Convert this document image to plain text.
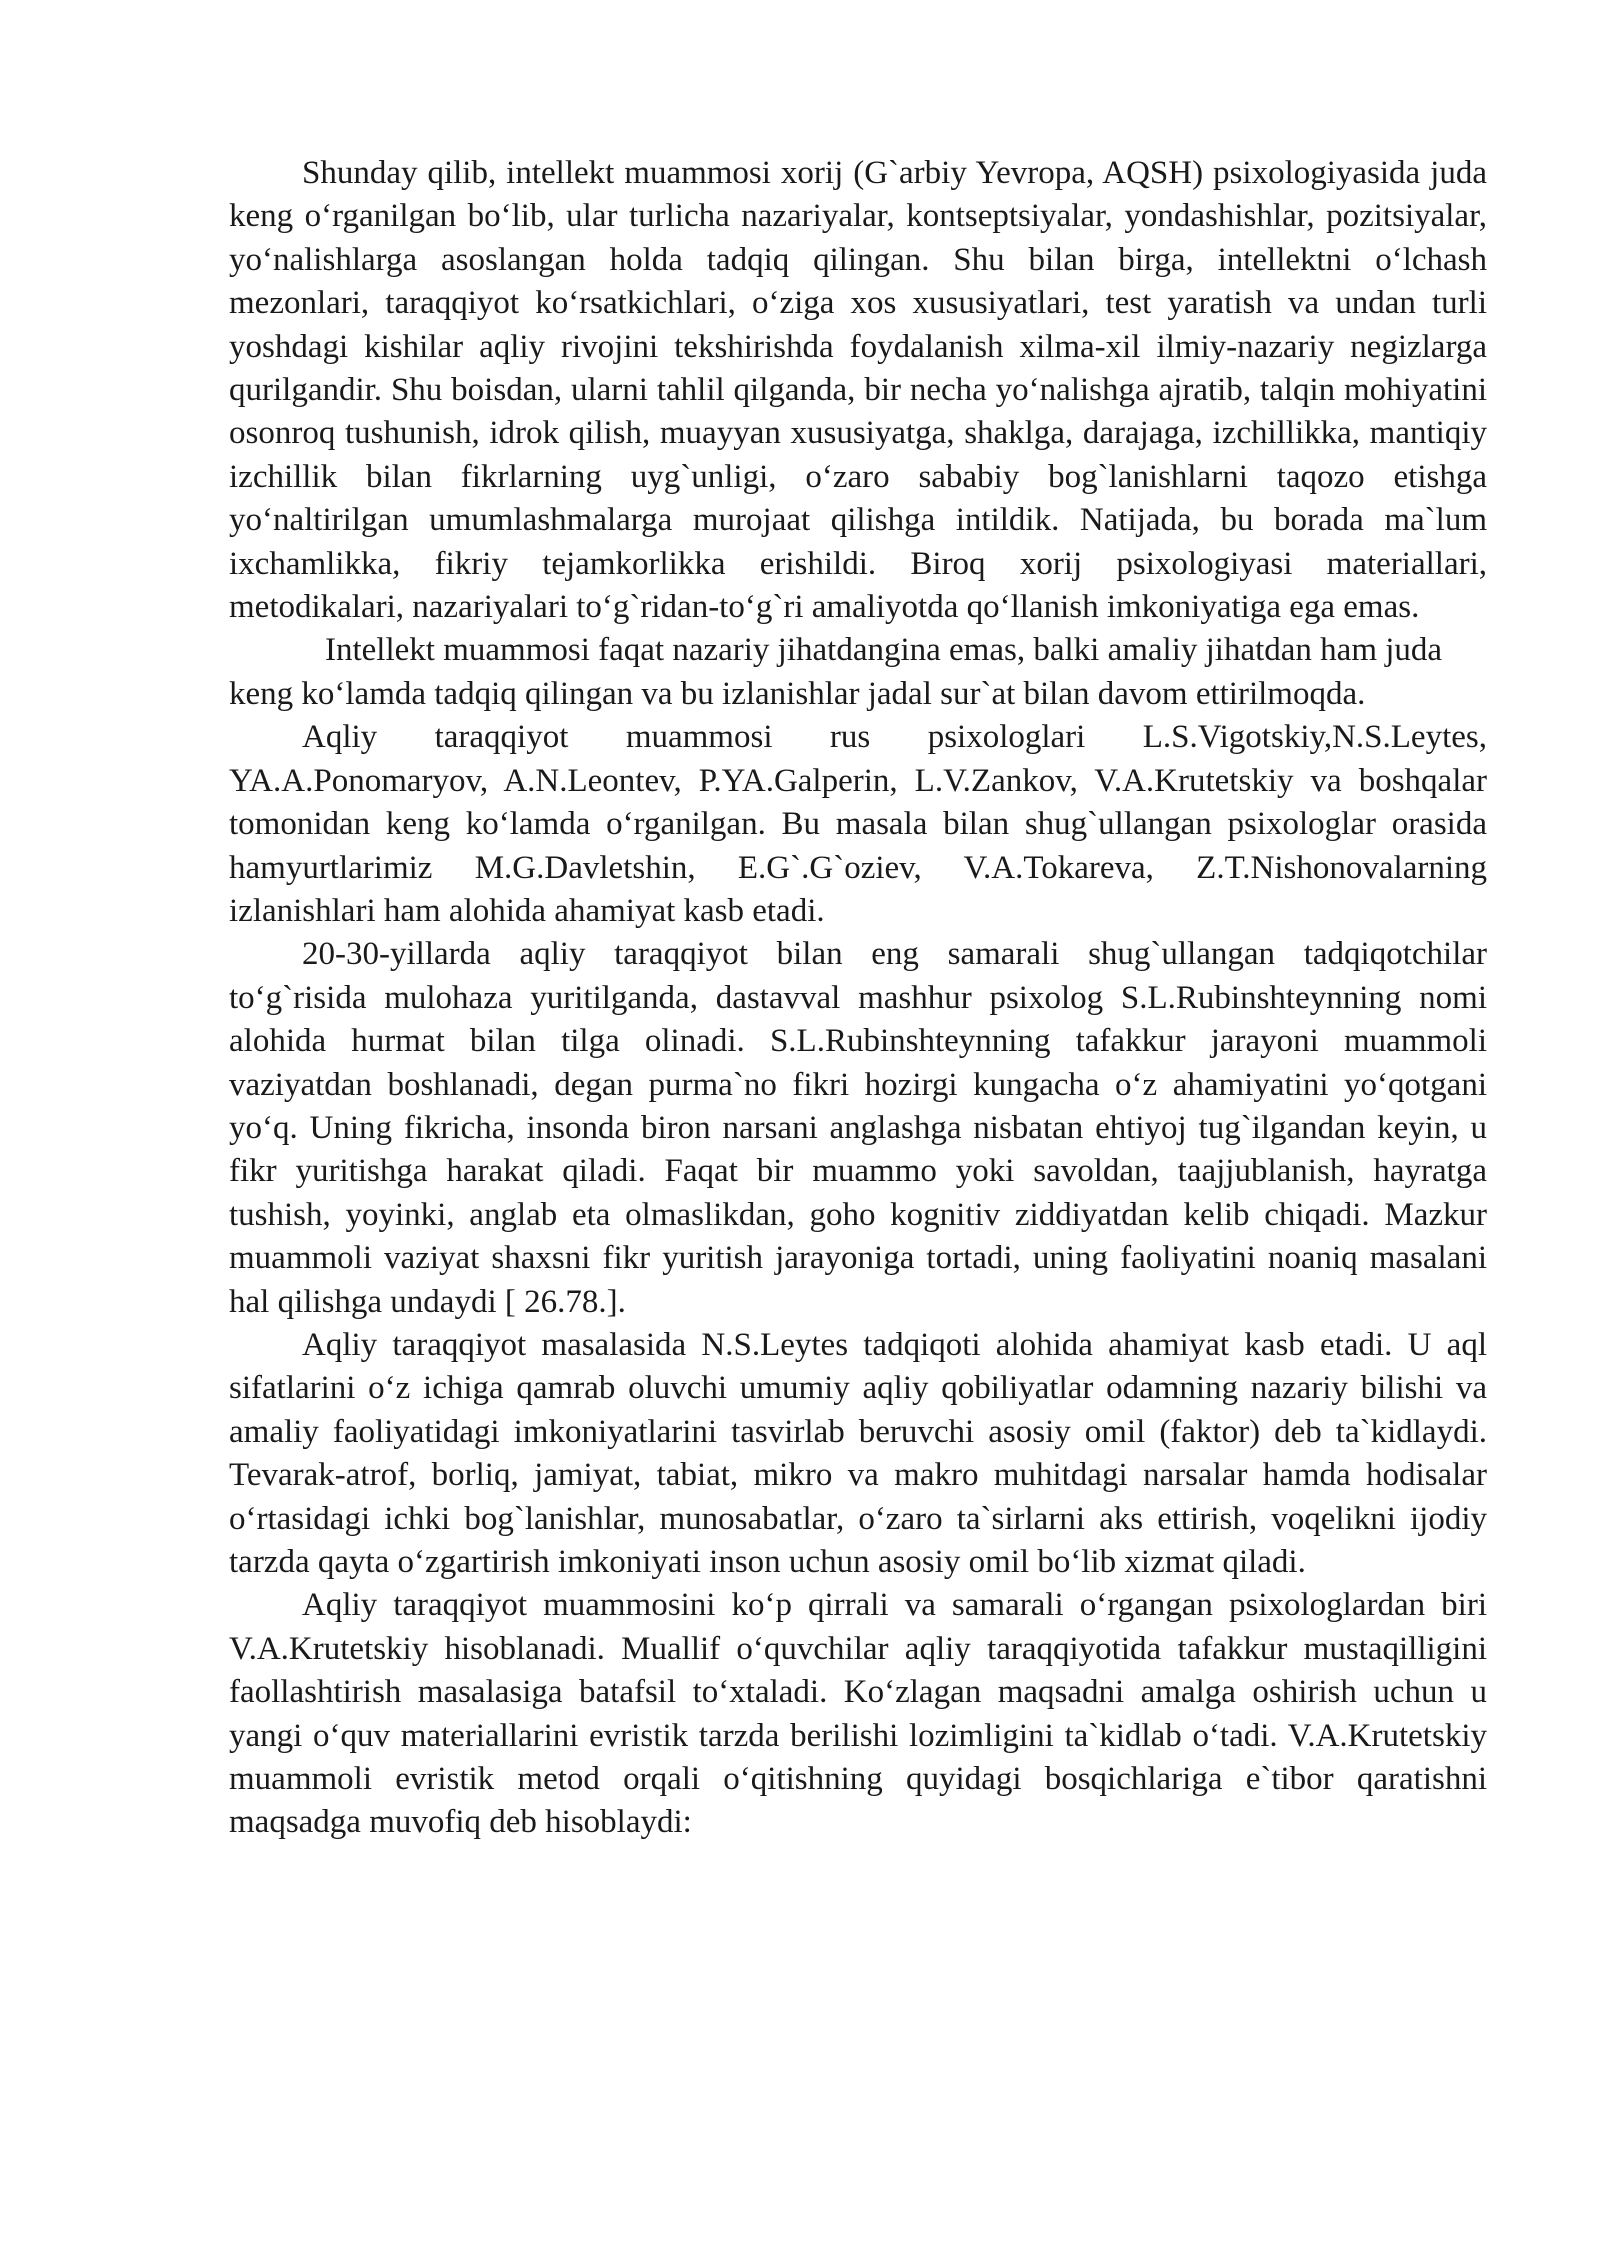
Shunday qilib, intellekt muammosi xorij (G`arbiy Yevropa, AQSH) psixologiyasida juda keng o‘rganilgan bo‘lib, ular turlicha nazariyalar, kontseptsiyalar, yondashishlar, pozitsiyalar, yo‘nalishlarga asoslangan holda tadqiq qilingan. Shu bilan birga, intellektni o‘lchash mezonlari, taraqqiyot ko‘rsatkichlari, o‘ziga xos xususiyatlari, test yaratish va undan turli yoshdagi kishilar aqliy rivojini tekshirishda foydalanish xilma-xil ilmiy-nazariy negizlarga qurilgandir. Shu boisdan, ularni tahlil qilganda, bir necha yo‘nalishga ajratib, talqin mohiyatini osonroq tushunish, idrok qilish, muayyan xususiyatga, shaklga, darajaga, izchillikka, mantiqiy izchillik bilan fikrlarning uyg`unligi, o‘zaro sababiy bog`lanishlarni taqozo etishga yo‘naltirilgan umumlashmalarga murojaat qilishga intildik. Natijada, bu borada ma`lum ixchamlikka, fikriy tejamkorlikka erishildi. Biroq xorij psixologiyasi materiallari, metodikalari, nazariyalari to‘g`ridan-to‘g`ri amaliyotda qo‘llanish imkoniyatiga ega emas.

Intellekt muammosi faqat nazariy jihatdangina emas, balki amaliy jihatdan ham juda keng ko‘lamda tadqiq qilingan va bu izlanishlar jadal sur`at bilan davom ettirilmoqda.

Aqliy taraqqiyot muammosi rus psixologlari L.S.Vigotskiy,N.S.Leytes, YA.A.Ponomaryov, A.N.Leontev, P.YA.Galperin, L.V.Zankov, V.A.Krutetskiy va boshqalar tomonidan keng ko‘lamda o‘rganilgan. Bu masala bilan shug`ullangan psixologlar orasida hamyurtlarimiz M.G.Davletshin, E.G`.G`oziev, V.A.Tokareva, Z.T.Nishonovalarning izlanishlari ham alohida ahamiyat kasb etadi.

20-30-yillarda aqliy taraqqiyot bilan eng samarali shug`ullangan tadqiqotchilar to‘g`risida mulohaza yuritilganda, dastavval mashhur psixolog S.L.Rubinshteynning nomi alohida hurmat bilan tilga olinadi. S.L.Rubinshteynning tafakkur jarayoni muammoli vaziyatdan boshlanadi, degan purma`no fikri hozirgi kungacha o‘z ahamiyatini yo‘qotgani yo‘q. Uning fikricha, insonda biron narsani anglashga nisbatan ehtiyoj tug`ilgandan keyin, u fikr yuritishga harakat qiladi. Faqat bir muammo yoki savoldan, taajjublanish, hayratga tushish, yoyinki, anglab eta olmaslikdan, goho kognitiv ziddiyatdan kelib chiqadi. Mazkur muammoli vaziyat shaxsni fikr yuritish jarayoniga tortadi, uning faoliyatini noaniq masalani hal qilishga undaydi [ 26.78.].

Aqliy taraqqiyot masalasida N.S.Leytes tadqiqoti alohida ahamiyat kasb etadi. U aql sifatlarini o‘z ichiga qamrab oluvchi umumiy aqliy qobiliyatlar odamning nazariy bilishi va amaliy faoliyatidagi imkoniyatlarini tasvirlab beruvchi asosiy omil (faktor) deb ta`kidlaydi. Tevarak-atrof, borliq, jamiyat, tabiat, mikro va makro muhitdagi narsalar hamda hodisalar o‘rtasidagi ichki bog`lanishlar, munosabatlar, o‘zaro ta`sirlarni aks ettirish, voqelikni ijodiy tarzda qayta o‘zgartirish imkoniyati inson uchun asosiy omil bo‘lib xizmat qiladi.

Aqliy taraqqiyot muammosini ko‘p qirrali va samarali o‘rgangan psixologlardan biri V.A.Krutetskiy hisoblanadi. Muallif o‘quvchilar aqliy taraqqiyotida tafakkur mustaqilligini faollashtirish masalasiga batafsil to‘xtaladi. Ko‘zlagan maqsadni amalga oshirish uchun u yangi o‘quv materiallarini evristik tarzda berilishi lozimligini ta`kidlab o‘tadi. V.A.Krutetskiy muammoli evristik metod orqali o‘qitishning quyidagi bosqichlariga e`tibor qaratishni maqsadga muvofiq deb hisoblaydi:
